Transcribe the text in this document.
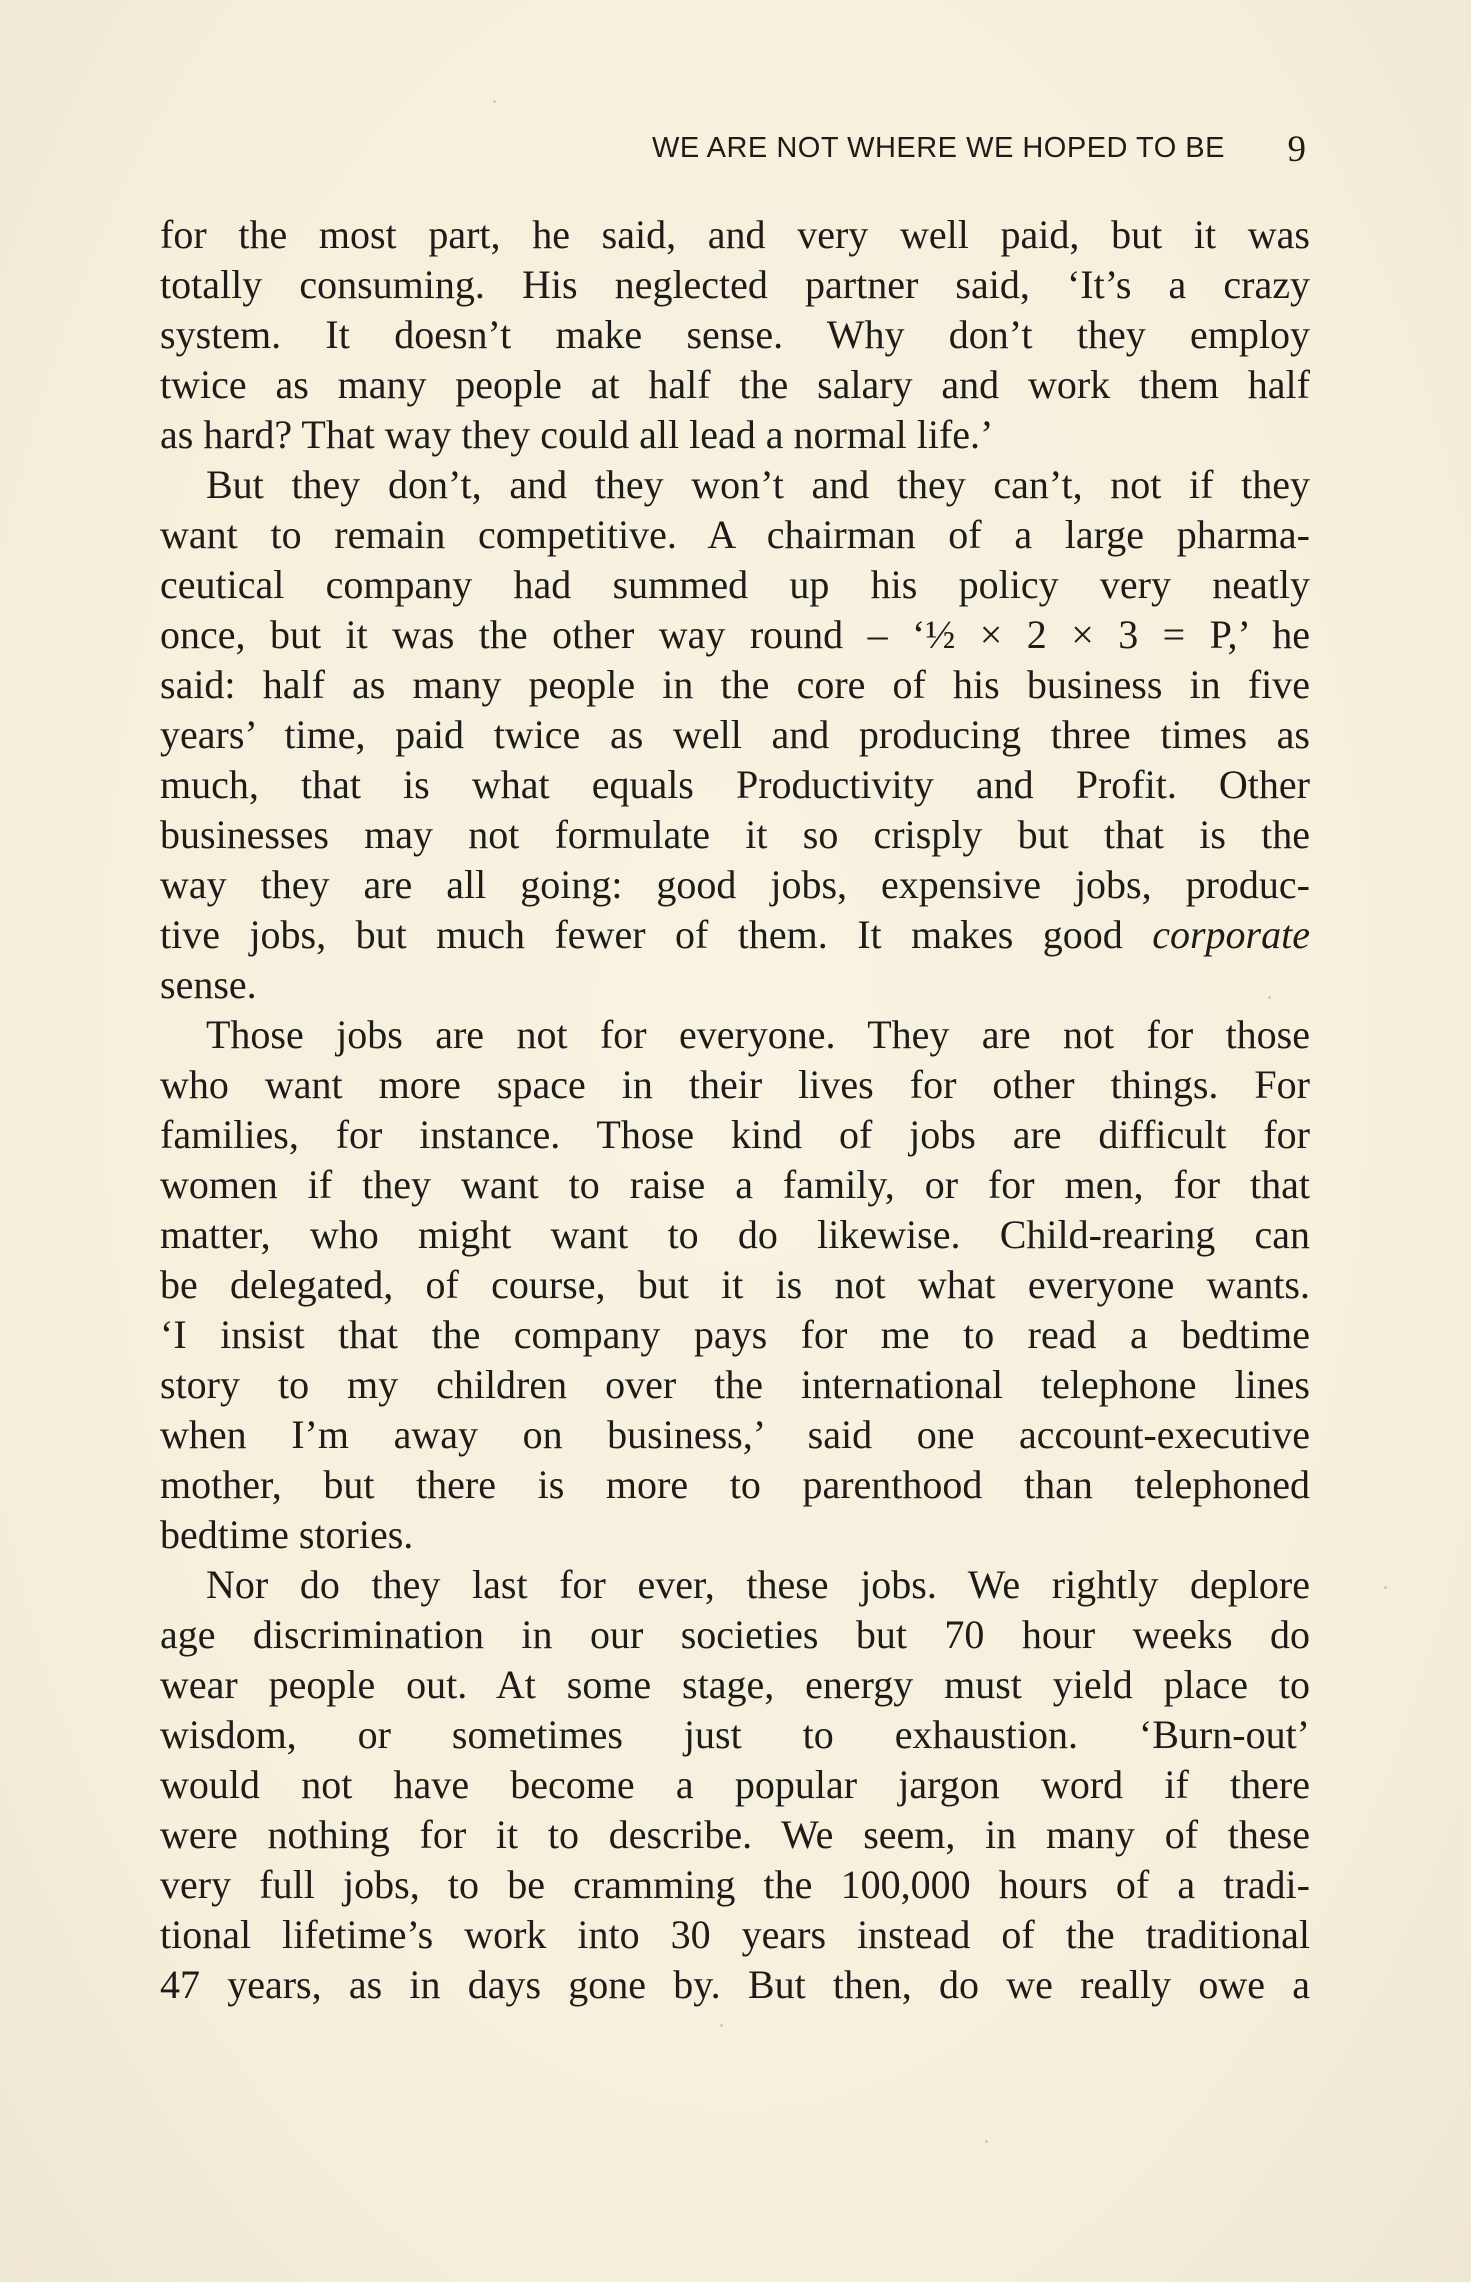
WE ARE NOT WHERE WE HOPED TO BE 9
for the most part, he said, and very well paid, but it was
totally consuming. His neglected partner said, ‘It’s a crazy
system. It doesn’t make sense. Why don’t they employ
twice as many people at half the salary and work them half
as hard? That way they could all lead a normal life.’
But they don’t, and they won’t and they can’t, not if they
want to remain competitive. A chairman of a large pharma-
ceutical company had summed up his policy very neatly
once, but it was the other way round – ‘½ × 2 × 3 = P,’ he
said: half as many people in the core of his business in five
years’ time, paid twice as well and producing three times as
much, that is what equals Productivity and Profit. Other
businesses may not formulate it so crisply but that is the
way they are all going: good jobs, expensive jobs, produc-
tive jobs, but much fewer of them. It makes good corporate
sense.
Those jobs are not for everyone. They are not for those
who want more space in their lives for other things. For
families, for instance. Those kind of jobs are difficult for
women if they want to raise a family, or for men, for that
matter, who might want to do likewise. Child-rearing can
be delegated, of course, but it is not what everyone wants.
‘I insist that the company pays for me to read a bedtime
story to my children over the international telephone lines
when I’m away on business,’ said one account-executive
mother, but there is more to parenthood than telephoned
bedtime stories.
Nor do they last for ever, these jobs. We rightly deplore
age discrimination in our societies but 70 hour weeks do
wear people out. At some stage, energy must yield place to
wisdom, or sometimes just to exhaustion. ‘Burn-out’
would not have become a popular jargon word if there
were nothing for it to describe. We seem, in many of these
very full jobs, to be cramming the 100,000 hours of a tradi-
tional lifetime’s work into 30 years instead of the traditional
47 years, as in days gone by. But then, do we really owe a
